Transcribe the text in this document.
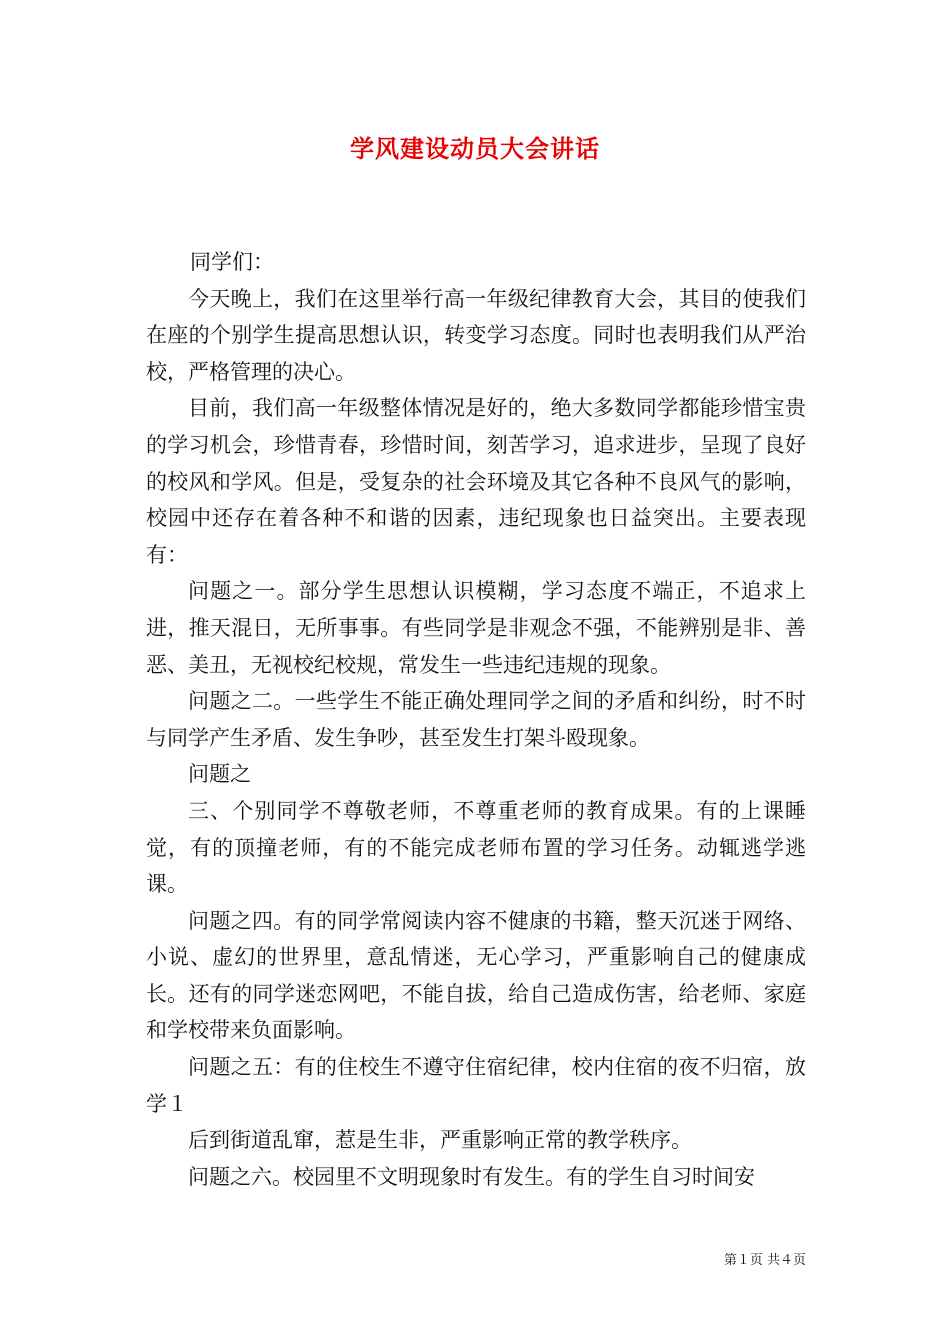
学风建设动员大会讲话

同学们：

今天晚上，我们在这里举行高一年级纪律教育大会，其目的使我们在座的个别学生提高思想认识，转变学习态度。同时也表明我们从严治校，严格管理的决心。

目前，我们高一年级整体情况是好的，绝大多数同学都能珍惜宝贵的学习机会，珍惜青春，珍惜时间，刻苦学习，追求进步，呈现了良好的校风和学风。但是，受复杂的社会环境及其它各种不良风气的影响，校园中还存在着各种不和谐的因素，违纪现象也日益突出。主要表现有：

问题之一。部分学生思想认识模糊，学习态度不端正，不追求上进，推天混日，无所事事。有些同学是非观念不强，不能辨别是非、善恶、美丑，无视校纪校规，常发生一些违纪违规的现象。

问题之二。一些学生不能正确处理同学之间的矛盾和纠纷，时不时与同学产生矛盾、发生争吵，甚至发生打架斗殴现象。

问题之

三、个别同学不尊敬老师，不尊重老师的教育成果。有的上课睡觉，有的顶撞老师，有的不能完成老师布置的学习任务。动辄逃学逃课。

问题之四。有的同学常阅读内容不健康的书籍，整天沉迷于网络、小说、虚幻的世界里，意乱情迷，无心学习，严重影响自己的健康成长。还有的同学迷恋网吧，不能自拔，给自己造成伤害，给老师、家庭和学校带来负面影响。

问题之五：有的住校生不遵守住宿纪律，校内住宿的夜不归宿，放学１

后到街道乱窜，惹是生非，严重影响正常的教学秩序。

问题之六。校园里不文明现象时有发生。有的学生自习时间安

第１页 共４页
